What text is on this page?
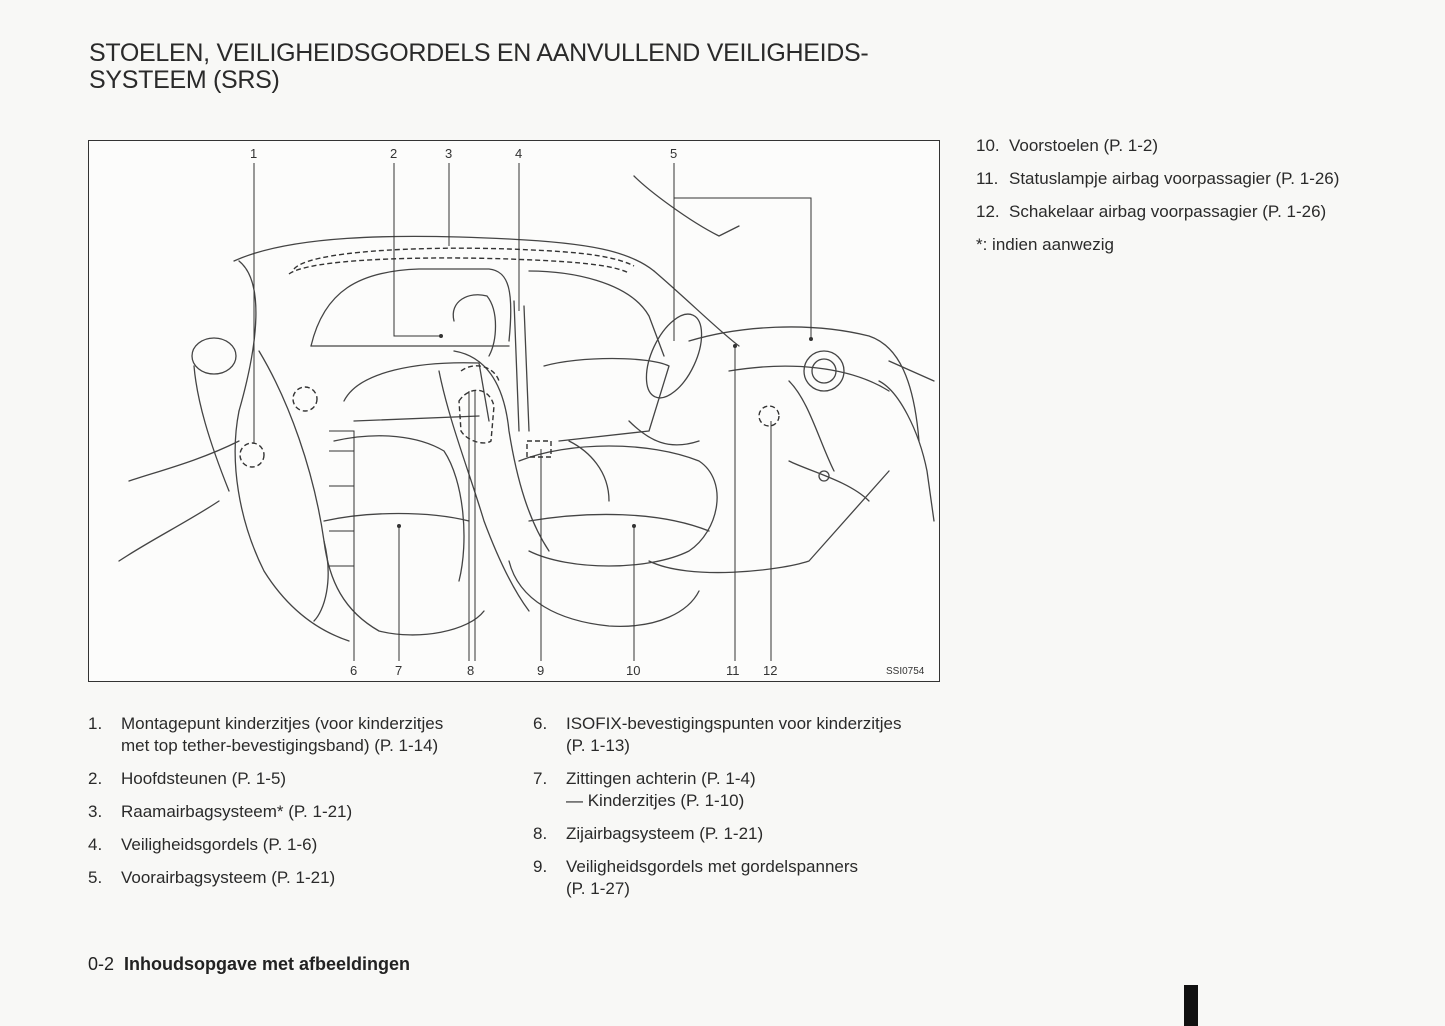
STOELEN, VEILIGHEIDSGORDELS EN AANVULLEND VEILIGHEIDS-
SYSTEEM (SRS)
1	2	3	4	5
6	7	8	9	10	11 12	SSI0754
1.	Montagepunt kinderzitjes (voor kinderzitjes
met top tether-bevestigingsband) (P. 1-14)
2.	Hoofdsteunen (P. 1-5)
3.	Raamairbagsysteem* (P. 1-21)
4.	Veiligheidsgordels (P. 1-6)
5.	Voorairbagsysteem (P. 1-21)
6.	ISOFIX-bevestigingspunten voor kinderzitjes
(P. 1-13)
7.	Zittingen achterin (P. 1-4)
— Kinderzitjes (P. 1-10)
8.	Zijairbagsysteem (P. 1-21)
9.	Veiligheidsgordels met gordelspanners
(P. 1-27)
10. Voorstoelen (P. 1-2)
11. Statuslampje airbag voorpassagier (P. 1-26)
12. Schakelaar airbag voorpassagier (P. 1-26)
*: indien aanwezig
0-2 Inhoudsopgave met afbeeldingen
